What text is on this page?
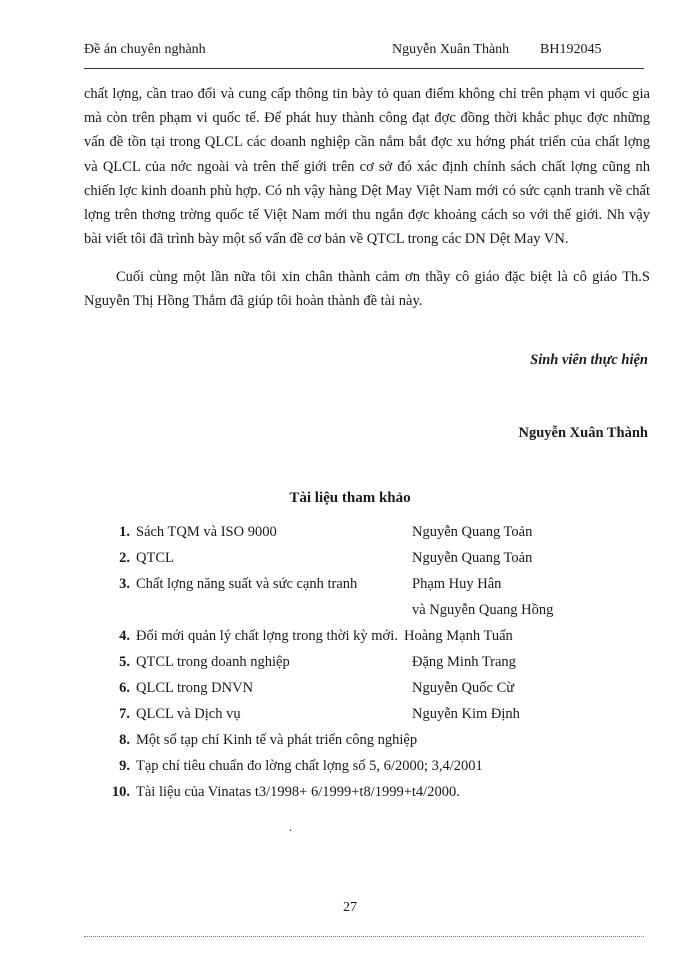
Đề án chuyên nghành	Nguyễn Xuân Thành BH192045

chất lợng, cần trao đổi và cung cấp thông tin bày tỏ quan điểm không chỉ trên phạm vi quốc gia mà còn trên phạm vi quốc tế. Để phát huy thành công đạt đợc đồng thời khắc phục đợc những vấn đề tồn tại trong QLCL các doanh nghiệp cần nắm bắt đợc xu hớng phát triển của chất lợng và QLCL của nớc ngoài và trên thế giới trên cơ sở đó xác định chính sách chất lợng cũng nh chiến lợc kinh doanh phù hợp. Có nh vậy hàng Dệt May Việt Nam mới có sức cạnh tranh về chất lợng trên thơng trờng quốc tế Việt Nam mới thu ngắn đợc khoảng cách so với thế giới. Nh vậy bài viết tôi đã trình bày một số vấn đề cơ bản về QTCL trong các DN Dệt May VN.

Cuối cùng một lần nữa tôi xin chân thành cảm ơn thầy cô giáo đặc biệt là cô giáo Th.S Nguyễn Thị Hồng Thắm đã giúp tôi hoàn thành đề tài này.
Sinh viên thực hiện
Nguyễn Xuân Thành
Tài liệu tham khảo
1. Sách TQM và ISO 9000	Nguyễn Quang Toản
2. QTCL	Nguyễn Quang Toản
3. Chất lợng năng suất và sức cạnh tranh	Phạm Huy Hân
và Nguyễn Quang Hồng
4. Đổi mới quản lý chất lợng trong thời kỳ mới. Hoàng Mạnh Tuấn
5. QTCL trong doanh nghiệp	Đặng Minh Trang
6. QLCL trong DNVN	Nguyễn Quốc Cừ
7. QLCL và Dịch vụ	Nguyễn Kim Định
8. Một số tạp chí Kinh tế và phát triển công nghiệp
9. Tạp chí tiêu chuẩn đo lờng chất lợng số 5, 6/2000; 3,4/2001
10. Tài liệu của Vinatas t3/1998+ 6/1999+t8/1999+t4/2000.
.
27
